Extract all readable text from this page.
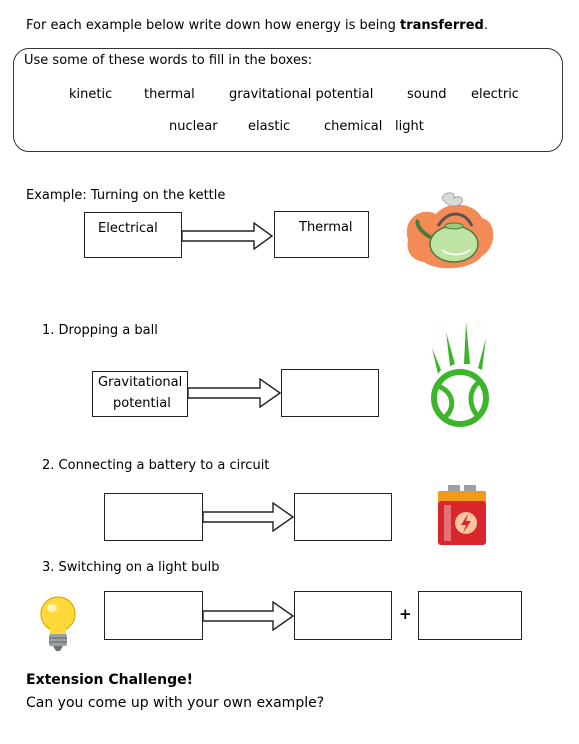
For each example below write down how energy is being transferred.
Use some of these words to fill in the boxes:
kinetic thermal	gravitational potential	sound electric
nuclear elastic	chemical light
Example: Turning on the kettle
Electrical	Thermal
1. Dropping a ball
Gravitational
potential
2. Connecting a battery to a circuit
3. Switching on a light bulb
+
Extension Challenge!
Can you come up with your own example?
